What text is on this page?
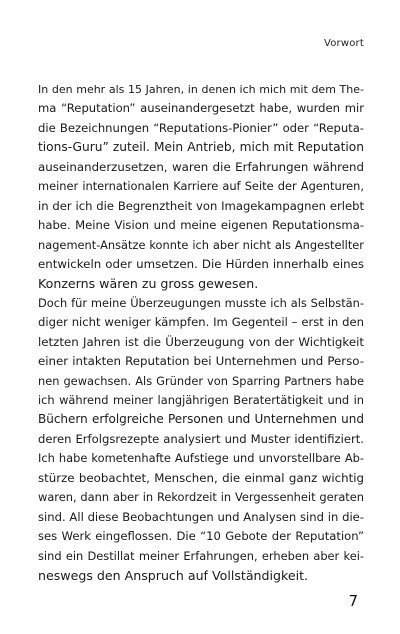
Vorwort
In den mehr als 15 Jahren, in denen ich mich mit dem The-
ma “Reputation” auseinandergesetzt habe, wurden mir
die Bezeichnungen “Reputations-Pionier” oder “Reputa-
tions-Guru” zuteil. Mein Antrieb, mich mit Reputation
auseinanderzusetzen, waren die Erfahrungen während
meiner internationalen Karriere auf Seite der Agenturen,
in der ich die Begrenztheit von Imagekampagnen erlebt
habe. Meine Vision und meine eigenen Reputationsma-
nagement-Ansätze konnte ich aber nicht als Angestellter
entwickeln oder umsetzen. Die Hürden innerhalb eines
Konzerns wären zu gross gewesen.
Doch für meine Überzeugungen musste ich als Selbstän-
diger nicht weniger kämpfen. Im Gegenteil – erst in den
letzten Jahren ist die Überzeugung von der Wichtigkeit
einer intakten Reputation bei Unternehmen und Perso-
nen gewachsen. Als Gründer von Sparring Partners habe
ich während meiner langjährigen Beratertätigkeit und in
Büchern erfolgreiche Personen und Unternehmen und
deren Erfolgsrezepte analysiert und Muster identifiziert.
Ich habe kometenhafte Aufstiege und unvorstellbare Ab-
stürze beobachtet, Menschen, die einmal ganz wichtig
waren, dann aber in Rekordzeit in Vergessenheit geraten
sind. All diese Beobachtungen und Analysen sind in die-
ses Werk eingeflossen. Die “10 Gebote der Reputation”
sind ein Destillat meiner Erfahrungen, erheben aber kei-
neswegs den Anspruch auf Vollständigkeit.
7
